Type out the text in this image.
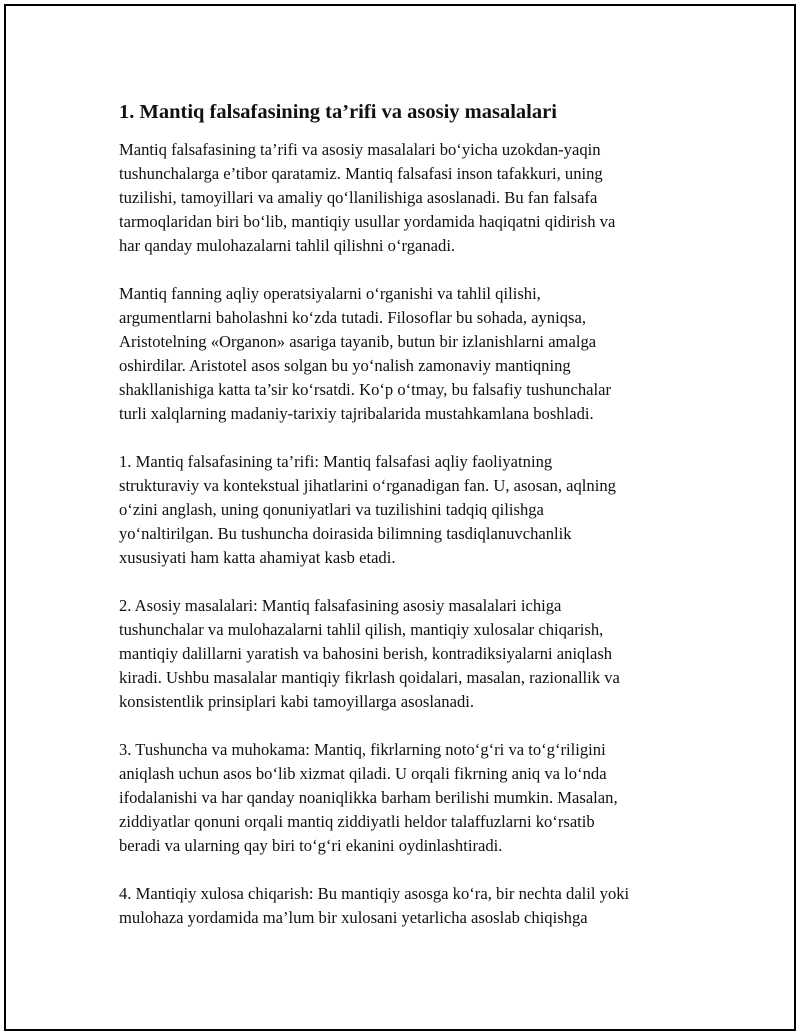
1. Mantiq falsafasining ta’rifi va asosiy masalalari

Mantiq falsafasining ta’rifi va asosiy masalalari bo‘yicha uzokdan-yaqin
tushunchalarga e’tibor qaratamiz. Mantiq falsafasi inson tafakkuri, uning
tuzilishi, tamoyillari va amaliy qo‘llanilishiga asoslanadi. Bu fan falsafa
tarmoqlaridan biri bo‘lib, mantiqiy usullar yordamida haqiqatni qidirish va
har qanday mulohazalarni tahlil qilishni o‘rganadi.

Mantiq fanning aqliy operatsiyalarni o‘rganishi va tahlil qilishi,
argumentlarni baholashni ko‘zda tutadi. Filosoflar bu sohada, ayniqsa,
Aristotelning «Organon» asariga tayanib, butun bir izlanishlarni amalga
oshirdilar. Aristotel asos solgan bu yo‘nalish zamonaviy mantiqning
shakllanishiga katta ta’sir ko‘rsatdi. Ko‘p o‘tmay, bu falsafiy tushunchalar
turli xalqlarning madaniy-tarixiy tajribalarida mustahkamlana boshladi.

1. Mantiq falsafasining ta’rifi: Mantiq falsafasi aqliy faoliyatning
strukturaviy va kontekstual jihatlarini o‘rganadigan fan. U, asosan, aqlning
o‘zini anglash, uning qonuniyatlari va tuzilishini tadqiq qilishga
yo‘naltirilgan. Bu tushuncha doirasida bilimning tasdiqlanuvchanlik
xususiyati ham katta ahamiyat kasb etadi.

2. Asosiy masalalari: Mantiq falsafasining asosiy masalalari ichiga
tushunchalar va mulohazalarni tahlil qilish, mantiqiy xulosalar chiqarish,
mantiqiy dalillarni yaratish va bahosini berish, kontradiksiyalarni aniqlash
kiradi. Ushbu masalalar mantiqiy fikrlash qoidalari, masalan, razionallik va
konsistentlik prinsiplari kabi tamoyillarga asoslanadi.

3. Tushuncha va muhokama: Mantiq, fikrlarning noto‘g‘ri va to‘g‘riligini
aniqlash uchun asos bo‘lib xizmat qiladi. U orqali fikrning aniq va lo‘nda
ifodalanishi va har qanday noaniqlikka barham berilishi mumkin. Masalan,
ziddiyatlar qonuni orqali mantiq ziddiyatli heldor talaffuzlarni ko‘rsatib
beradi va ularning qay biri to‘g‘ri ekanini oydinlashtiradi.

4. Mantiqiy xulosa chiqarish: Bu mantiqiy asosga ko‘ra, bir nechta dalil yoki
mulohaza yordamida ma’lum bir xulosani yetarlicha asoslab chiqishga
